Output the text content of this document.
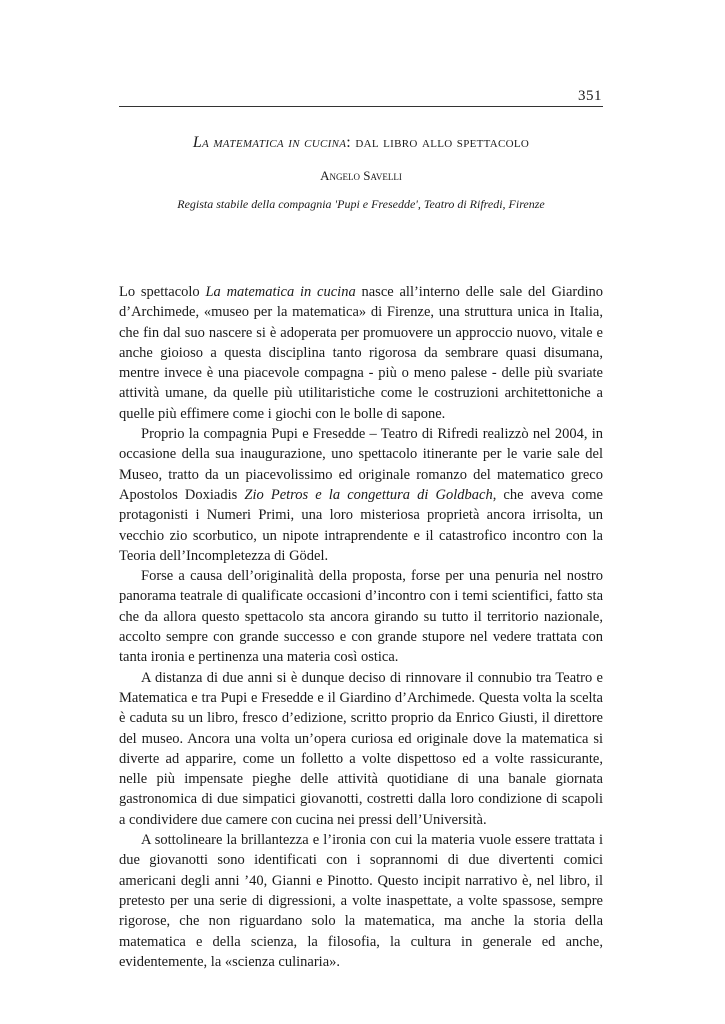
351
La matematica in cucina: dal libro allo spettacolo
Angelo Savelli
Regista stabile della compagnia 'Pupi e Fresedde', Teatro di Rifredi, Firenze

Lo spettacolo La matematica in cucina nasce all’interno delle sale del Giardino d’Archimede, «museo per la matematica» di Firenze, una struttura unica in Italia, che fin dal suo nascere si è adoperata per promuovere un approccio nuovo, vitale e anche gioioso a questa disciplina tanto rigorosa da sembrare quasi disumana, mentre invece è una piacevole compagna - più o meno palese - delle più svariate attività umane, da quelle più utilitaristiche come le costruzioni architettoniche a quelle più effimere come i giochi con le bolle di sapone.

Proprio la compagnia Pupi e Fresedde – Teatro di Rifredi realizzò nel 2004, in occasione della sua inaugurazione, uno spettacolo itinerante per le varie sale del Museo, tratto da un piacevolissimo ed originale romanzo del matematico greco Apostolos Doxiadis Zio Petros e la congettura di Goldbach, che aveva come protagonisti i Numeri Primi, una loro misteriosa proprietà ancora irrisolta, un vecchio zio scorbutico, un nipote intraprendente e il catastrofico incontro con la Teoria dell’Incompletezza di Gödel.

Forse a causa dell’originalità della proposta, forse per una penuria nel nostro panorama teatrale di qualificate occasioni d’incontro con i temi scientifici, fatto sta che da allora questo spettacolo sta ancora girando su tutto il territorio nazionale, accolto sempre con grande successo e con grande stupore nel vedere trattata con tanta ironia e pertinenza una materia così ostica.

A distanza di due anni si è dunque deciso di rinnovare il connubio tra Teatro e Matematica e tra Pupi e Fresedde e il Giardino d’Archimede. Questa volta la scelta è caduta su un libro, fresco d’edizione, scritto proprio da Enrico Giusti, il direttore del museo. Ancora una volta un’opera curiosa ed originale dove la matematica si diverte ad apparire, come un folletto a volte dispettoso ed a volte rassicurante, nelle più impensate pieghe delle attività quotidiane di una banale giornata gastronomica di due simpatici giovanotti, costretti dalla loro condizione di scapoli a condividere due camere con cucina nei pressi dell’Università.

A sottolineare la brillantezza e l’ironia con cui la materia vuole essere trattata i due giovanotti sono identificati con i soprannomi di due divertenti comici americani degli anni ’40, Gianni e Pinotto. Questo incipit narrativo è, nel libro, il pretesto per una serie di digressioni, a volte inaspettate, a volte spassose, sempre rigorose, che non riguardano solo la matematica, ma anche la storia della matematica e della scienza, la filosofia, la cultura in generale ed anche, evidentemente, la «scienza culinaria».
